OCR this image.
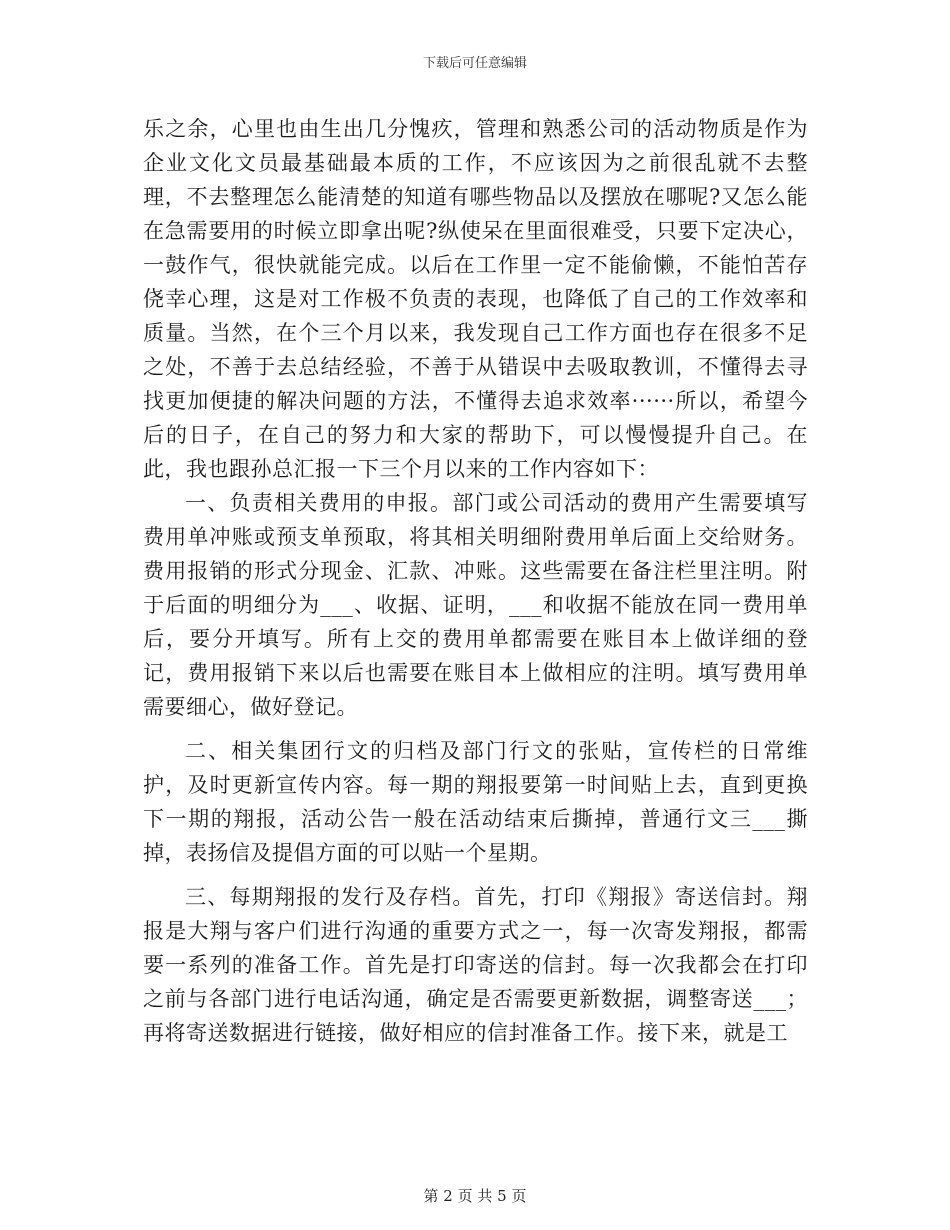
下载后可任意编辑

乐之余，心里也由生出几分愧疚，管理和熟悉公司的活动物质是作为企业文化文员最基础最本质的工作，不应该因为之前很乱就不去整理，不去整理怎么能清楚的知道有哪些物品以及摆放在哪呢?又怎么能在急需要用的时候立即拿出呢?纵使呆在里面很难受，只要下定决心，一鼓作气，很快就能完成。以后在工作里一定不能偷懒，不能怕苦存侥幸心理，这是对工作极不负责的表现，也降低了自己的工作效率和质量。当然，在个三个月以来，我发现自己工作方面也存在很多不足之处，不善于去总结经验，不善于从错误中去吸取教训，不懂得去寻找更加便捷的解决问题的方法，不懂得去追求效率······所以，希望今后的日子，在自己的努力和大家的帮助下，可以慢慢提升自己。在此，我也跟孙总汇报一下三个月以来的工作内容如下：

一、负责相关费用的申报。部门或公司活动的费用产生需要填写费用单冲账或预支单预取，将其相关明细附费用单后面上交给财务。费用报销的形式分现金、汇款、冲账。这些需要在备注栏里注明。附于后面的明细分为___、收据、证明，___和收据不能放在同一费用单后，要分开填写。所有上交的费用单都需要在账目本上做详细的登记，费用报销下来以后也需要在账目本上做相应的注明。填写费用单需要细心，做好登记。

二、相关集团行文的归档及部门行文的张贴，宣传栏的日常维护，及时更新宣传内容。每一期的翔报要第一时间贴上去，直到更换下一期的翔报，活动公告一般在活动结束后撕掉，普通行文三___撕掉，表扬信及提倡方面的可以贴一个星期。

三、每期翔报的发行及存档。首先，打印《翔报》寄送信封。翔报是大翔与客户们进行沟通的重要方式之一，每一次寄发翔报，都需要一系列的准备工作。首先是打印寄送的信封。每一次我都会在打印之前与各部门进行电话沟通，确定是否需要更新数据，调整寄送___；再将寄送数据进行链接，做好相应的信封准备工作。接下来，就是工

第 2 页 共 5 页
